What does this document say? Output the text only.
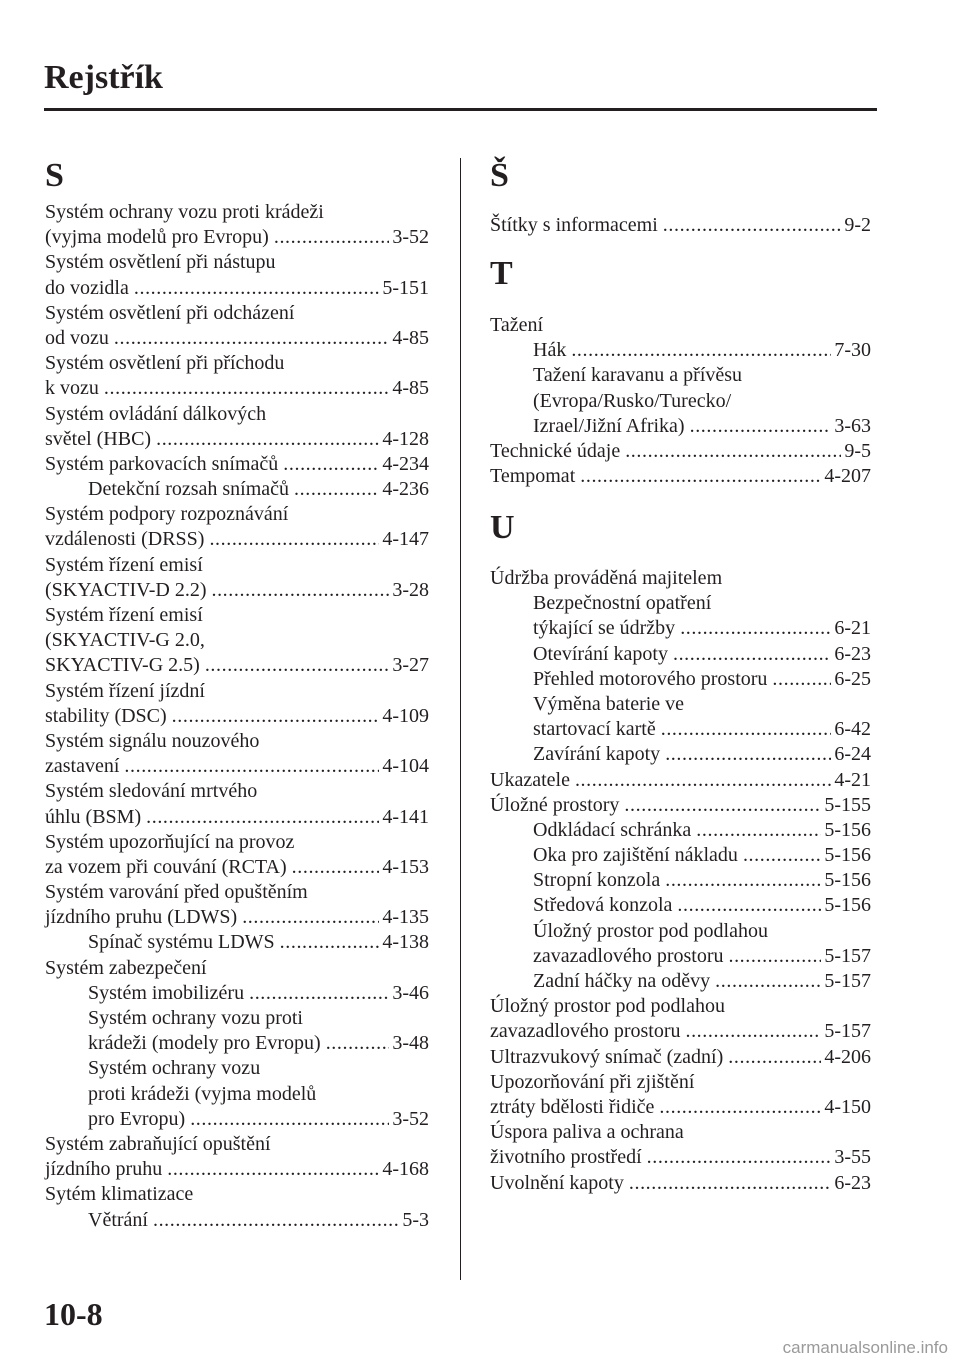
Rejstřík
S
Systém ochrany vozu proti krádeži
(vyjma modelů pro Evropu) .....	3-52
Systém osvětlení při nástupu
do vozidla .....	5-151
Systém osvětlení při odcházení
od vozu .....	4-85
Systém osvětlení při příchodu
k vozu .....	4-85
Systém ovládání dálkových
světel (HBC) .....	4-128
Systém parkovacích snímačů .....	4-234
Detekční rozsah snímačů .....	4-236
Systém podpory rozpoznávání
vzdálenosti (DRSS) .....	4-147
Systém řízení emisí
(SKYACTIV-D 2.2) .....	3-28
Systém řízení emisí
(SKYACTIV-G 2.0,
SKYACTIV-G 2.5) .....	3-27
Systém řízení jízdní
stability (DSC) .....	4-109
Systém signálu nouzového
zastavení .....	4-104
Systém sledování mrtvého
úhlu (BSM) .....	4-141
Systém upozorňující na provoz
za vozem při couvání (RCTA) .....	4-153
Systém varování před opuštěním
jízdního pruhu (LDWS) .....	4-135
Spínač systému LDWS .....	4-138
Systém zabezpečení
Systém imobilizéru .....	3-46
Systém ochrany vozu proti
krádeži (modely pro Evropu) .....	3-48
Systém ochrany vozu
proti krádeži (vyjma modelů
pro Evropu) .....	3-52
Systém zabraňující opuštění
jízdního pruhu .....	4-168
Sytém klimatizace
Větrání .....	5-3
Š
Štítky s informacemi .....	9-2
T
Tažení
Hák .....	7-30
Tažení karavanu a přívěsu
(Evropa/Rusko/Turecko/
Izrael/Jižní Afrika) .....	3-63
Technické údaje .....	9-5
Tempomat .....	4-207
U
Údržba prováděná majitelem
Bezpečnostní opatření
týkající se údržby .....	6-21
Otevírání kapoty .....	6-23
Přehled motorového prostoru .....	6-25
Výměna baterie ve
startovací kartě .....	6-42
Zavírání kapoty .....	6-24
Ukazatele .....	4-21
Úložné prostory .....	5-155
Odkládací schránka .....	5-156
Oka pro zajištění nákladu .....	5-156
Stropní konzola .....	5-156
Středová konzola .....	5-156
Úložný prostor pod podlahou
zavazadlového prostoru .....	5-157
Zadní háčky na oděvy .....	5-157
Úložný prostor pod podlahou
zavazadlového prostoru .....	5-157
Ultrazvukový snímač (zadní) .....	4-206
Upozorňování při zjištění
ztráty bdělosti řidiče .....	4-150
Úspora paliva a ochrana
životního prostředí .....	3-55
Uvolnění kapoty .....	6-23
10-8
carmanualsonline.info
